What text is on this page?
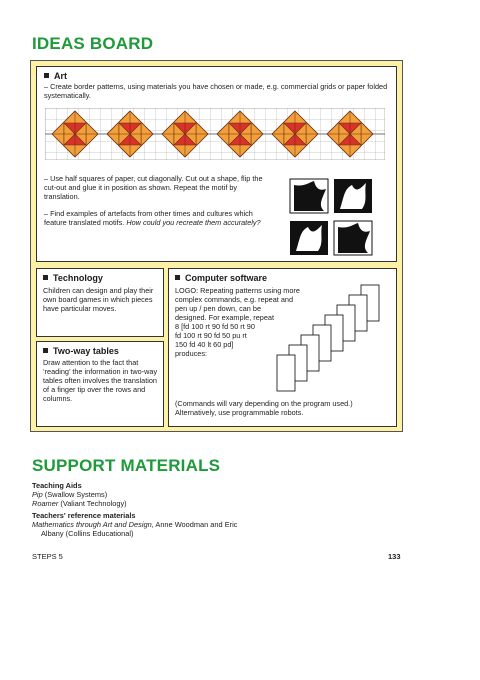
IDEAS BOARD
Art
– Create border patterns, using materials you have chosen or made, e.g. commercial grids or paper folded systematically.
– Use half squares of paper, cut diagonally. Cut out a shape, flip the cut-out and glue it in position as shown. Repeat the motif by translation.
– Find examples of artefacts from other times and cultures which feature translated motifs. How could you recreate them accurately?
Technology
Children can design and play their own board games in which pieces have particular moves.
Two-way tables
Draw attention to the fact that ‘reading’ the information in two-way tables often involves the translation of a finger tip over the rows and columns.
Computer software
LOGO: Repeating patterns using more
complex commands, e.g. repeat and
pen up / pen down, can be
designed. For example, repeat
8 [fd 100 rt 90 fd 50 rt 90
fd 100 rt 90 fd 50 pu rt
150 fd 40 lt 60 pd]
produces:
(Commands will vary depending on the program used.)
Alternatively, use programmable robots.
SUPPORT MATERIALS
Teaching Aids
Pip (Swallow Systems)
Roamer (Valiant Technology)
Teachers' reference materials
Mathematics through Art and Design, Anne Woodman and Eric
Albany (Collins Educational)
STEPS 5	133
